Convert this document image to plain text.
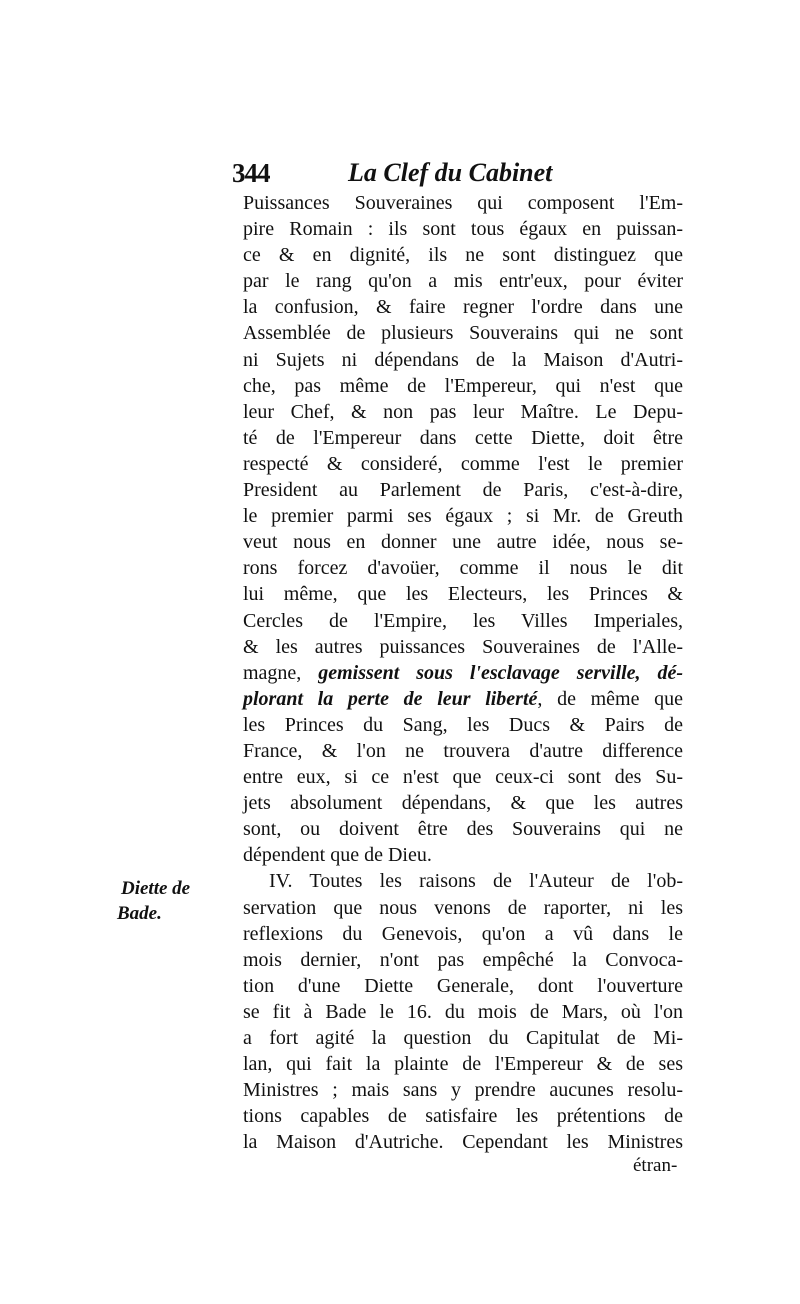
344	La Clef du Cabinet
Diette de
Bade.
Puissances Souveraines qui composent l'Em-
pire Romain : ils sont tous égaux en puissan-
ce & en dignité, ils ne sont distinguez que
par le rang qu'on a mis entr'eux, pour éviter
la confusion, & faire regner l'ordre dans une
Assemblée de plusieurs Souverains qui ne sont
ni Sujets ni dépendans de la Maison d'Autri-
che, pas même de l'Empereur, qui n'est que
leur Chef, & non pas leur Maître. Le Depu-
té de l'Empereur dans cette Diette, doit être
respecté & consideré, comme l'est le premier
President au Parlement de Paris, c'est-à-dire,
le premier parmi ses égaux ; si Mr. de Greuth
veut nous en donner une autre idée, nous se-
rons forcez d'avoüer, comme il nous le dit
lui même, que les Electeurs, les Princes &
Cercles de l'Empire, les Villes Imperiales,
& les autres puissances Souveraines de l'Alle-
magne, gemissent sous l'esclavage serville, dé-
plorant la perte de leur liberté, de même que
les Princes du Sang, les Ducs & Pairs de
France, & l'on ne trouvera d'autre difference
entre eux, si ce n'est que ceux-ci sont des Su-
jets absolument dépendans, & que les autres
sont, ou doivent être des Souverains qui ne
dépendent que de Dieu.
IV. Toutes les raisons de l'Auteur de l'ob-
servation que nous venons de raporter, ni les
reflexions du Genevois, qu'on a vû dans le
mois dernier, n'ont pas empêché la Convoca-
tion d'une Diette Generale, dont l'ouverture
se fit à Bade le 16. du mois de Mars, où l'on
a fort agité la question du Capitulat de Mi-
lan, qui fait la plainte de l'Empereur & de ses
Ministres ; mais sans y prendre aucunes resolu-
tions capables de satisfaire les prétentions de
la Maison d'Autriche. Cependant les Ministres
étran-
